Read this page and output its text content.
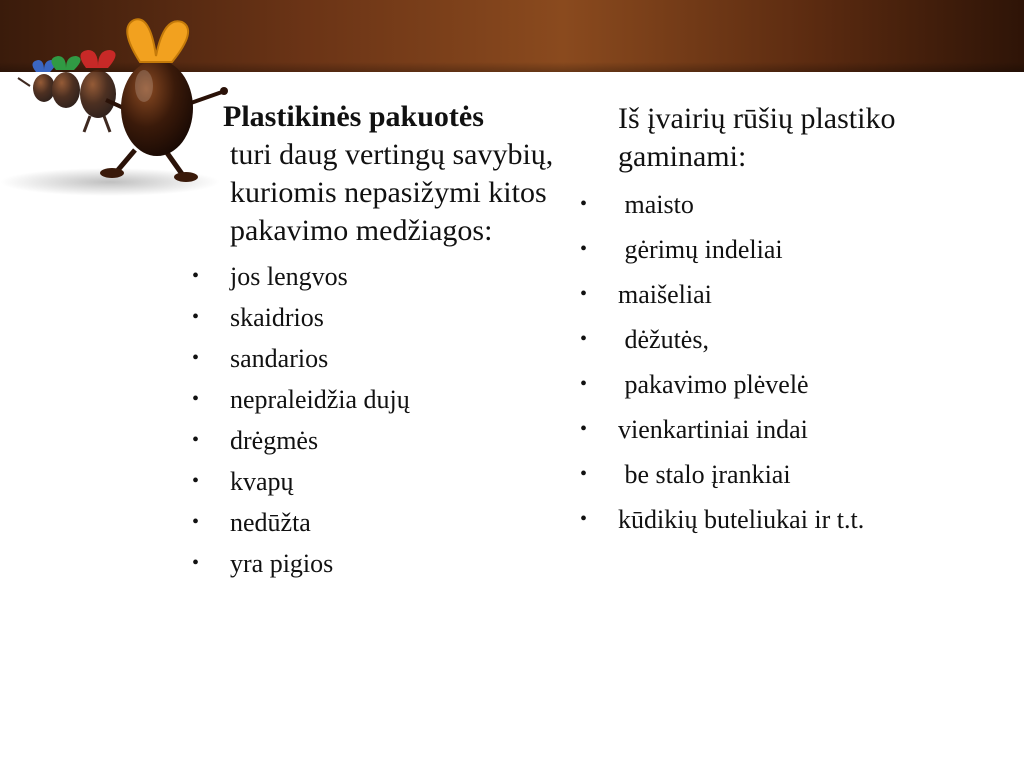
Plastikinės pakuotės
turi daug vertingų savybių, kuriomis nepasižymi kitos pakavimo medžiagos:
• jos lengvos
• skaidrios
• sandarios
• nepraleidžia dujų
• drėgmės
• kvapų
• nedūžta
• yra pigios
Iš įvairių rūšių plastiko gaminami:
• maisto
• gėrimų indeliai
• maišeliai
• dėžutės,
• pakavimo plėvelė
• vienkartiniai indai
• be stalo įrankiai
• kūdikių buteliukai ir t.t.
